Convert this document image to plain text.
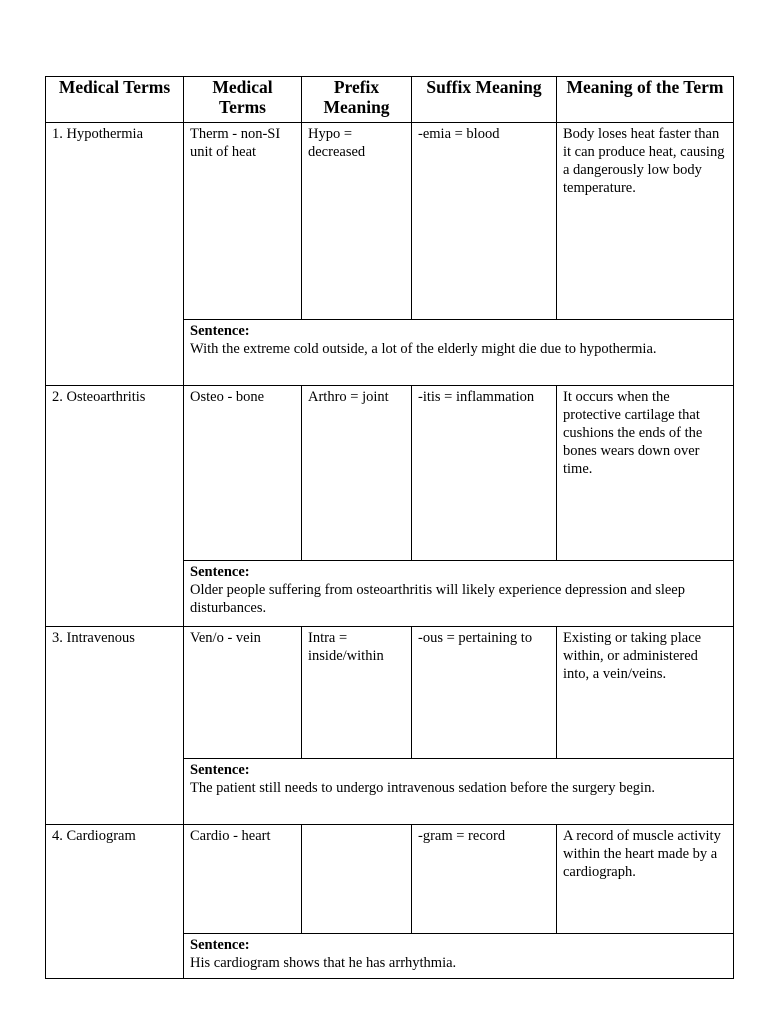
Medical Terms	Medical Terms	Prefix Meaning	Suffix Meaning	Meaning of the Term
1. Hypothermia	Therm - non-SI unit of heat	Hypo = decreased	-emia = blood	Body loses heat faster than it can produce heat, causing a dangerously low body temperature.

	Sentence:
With the extreme cold outside, a lot of the elderly might die due to hypothermia.			
2. Osteoarthritis	Osteo - bone	Arthro = joint	-itis = inflammation	It occurs when the protective cartilage that cushions the ends of the bones wears down over time.

	Sentence:
Older people suffering from osteoarthritis will likely experience depression and sleep disturbances.			
3. Intravenous	Ven/o - vein	Intra = inside/within	-ous = pertaining to	Existing or taking place within, or administered into, a vein/veins.

	Sentence:
The patient still needs to undergo intravenous sedation before the surgery begin.			
4. Cardiogram	Cardio - heart		-gram = record	A record of muscle activity within the heart made by a cardiograph.

	Sentence:
His cardiogram shows that he has arrhythmia.			
